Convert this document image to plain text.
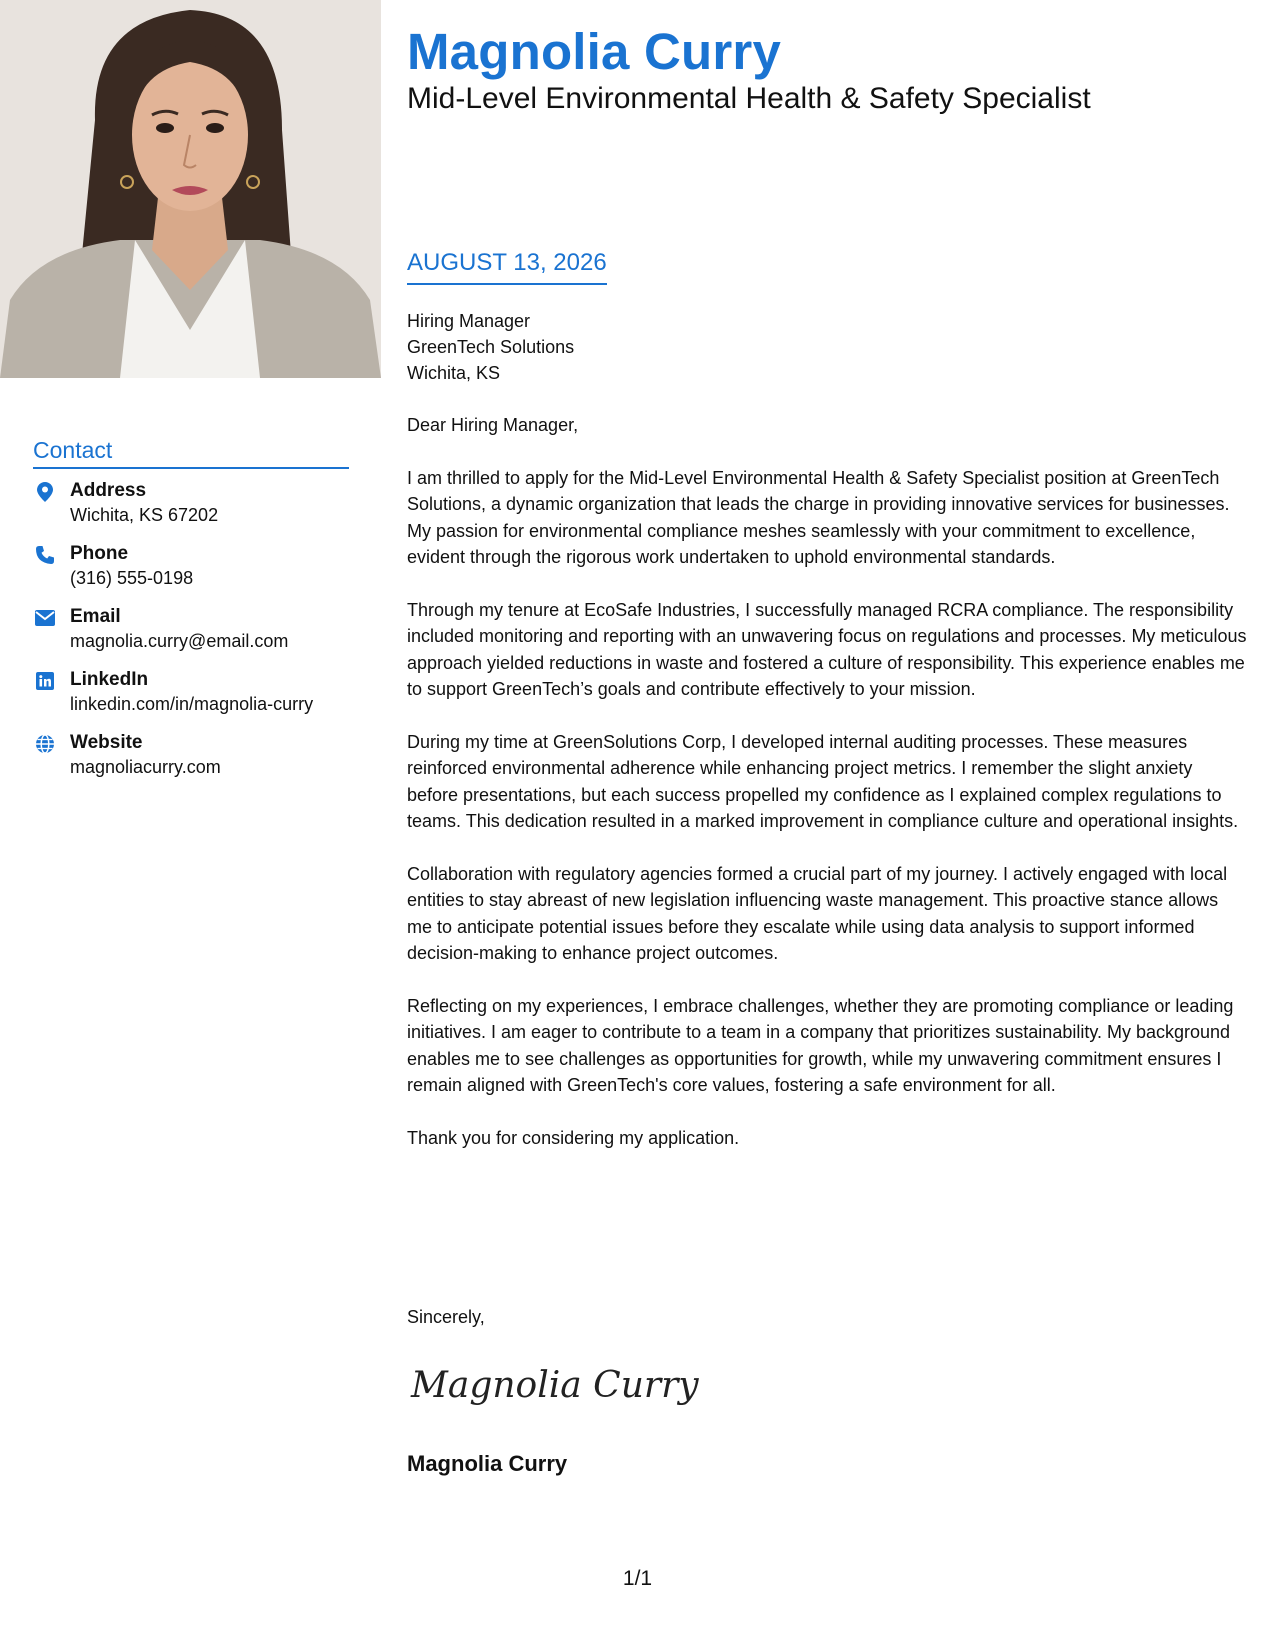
Magnolia Curry
Mid-Level Environmental Health & Safety Specialist
AUGUST 13, 2026
Contact
Address
Wichita, KS 67202
Phone
(316) 555-0198
Email
magnolia.curry@email.com
LinkedIn
linkedin.com/in/magnolia-curry
Website
magnoliacurry.com
Hiring Manager
GreenTech Solutions
Wichita, KS

Dear Hiring Manager,

I am thrilled to apply for the Mid-Level Environmental Health & Safety Specialist position at GreenTech Solutions, a dynamic organization that leads the charge in providing innovative services for businesses. My passion for environmental compliance meshes seamlessly with your commitment to excellence, evident through the rigorous work undertaken to uphold environmental standards.

Through my tenure at EcoSafe Industries, I successfully managed RCRA compliance. The responsibility included monitoring and reporting with an unwavering focus on regulations and processes. My meticulous approach yielded reductions in waste and fostered a culture of responsibility. This experience enables me to support GreenTech’s goals and contribute effectively to your mission.

During my time at GreenSolutions Corp, I developed internal auditing processes. These measures reinforced environmental adherence while enhancing project metrics. I remember the slight anxiety before presentations, but each success propelled my confidence as I explained complex regulations to teams. This dedication resulted in a marked improvement in compliance culture and operational insights.

Collaboration with regulatory agencies formed a crucial part of my journey. I actively engaged with local entities to stay abreast of new legislation influencing waste management. This proactive stance allows me to anticipate potential issues before they escalate while using data analysis to support informed decision-making to enhance project outcomes.

Reflecting on my experiences, I embrace challenges, whether they are promoting compliance or leading initiatives. I am eager to contribute to a team in a company that prioritizes sustainability. My background enables me to see challenges as opportunities for growth, while my unwavering commitment ensures I remain aligned with GreenTech's core values, fostering a safe environment for all.

Thank you for considering my application.

Sincerely,
Magnolia Curry
Magnolia Curry
1/1
